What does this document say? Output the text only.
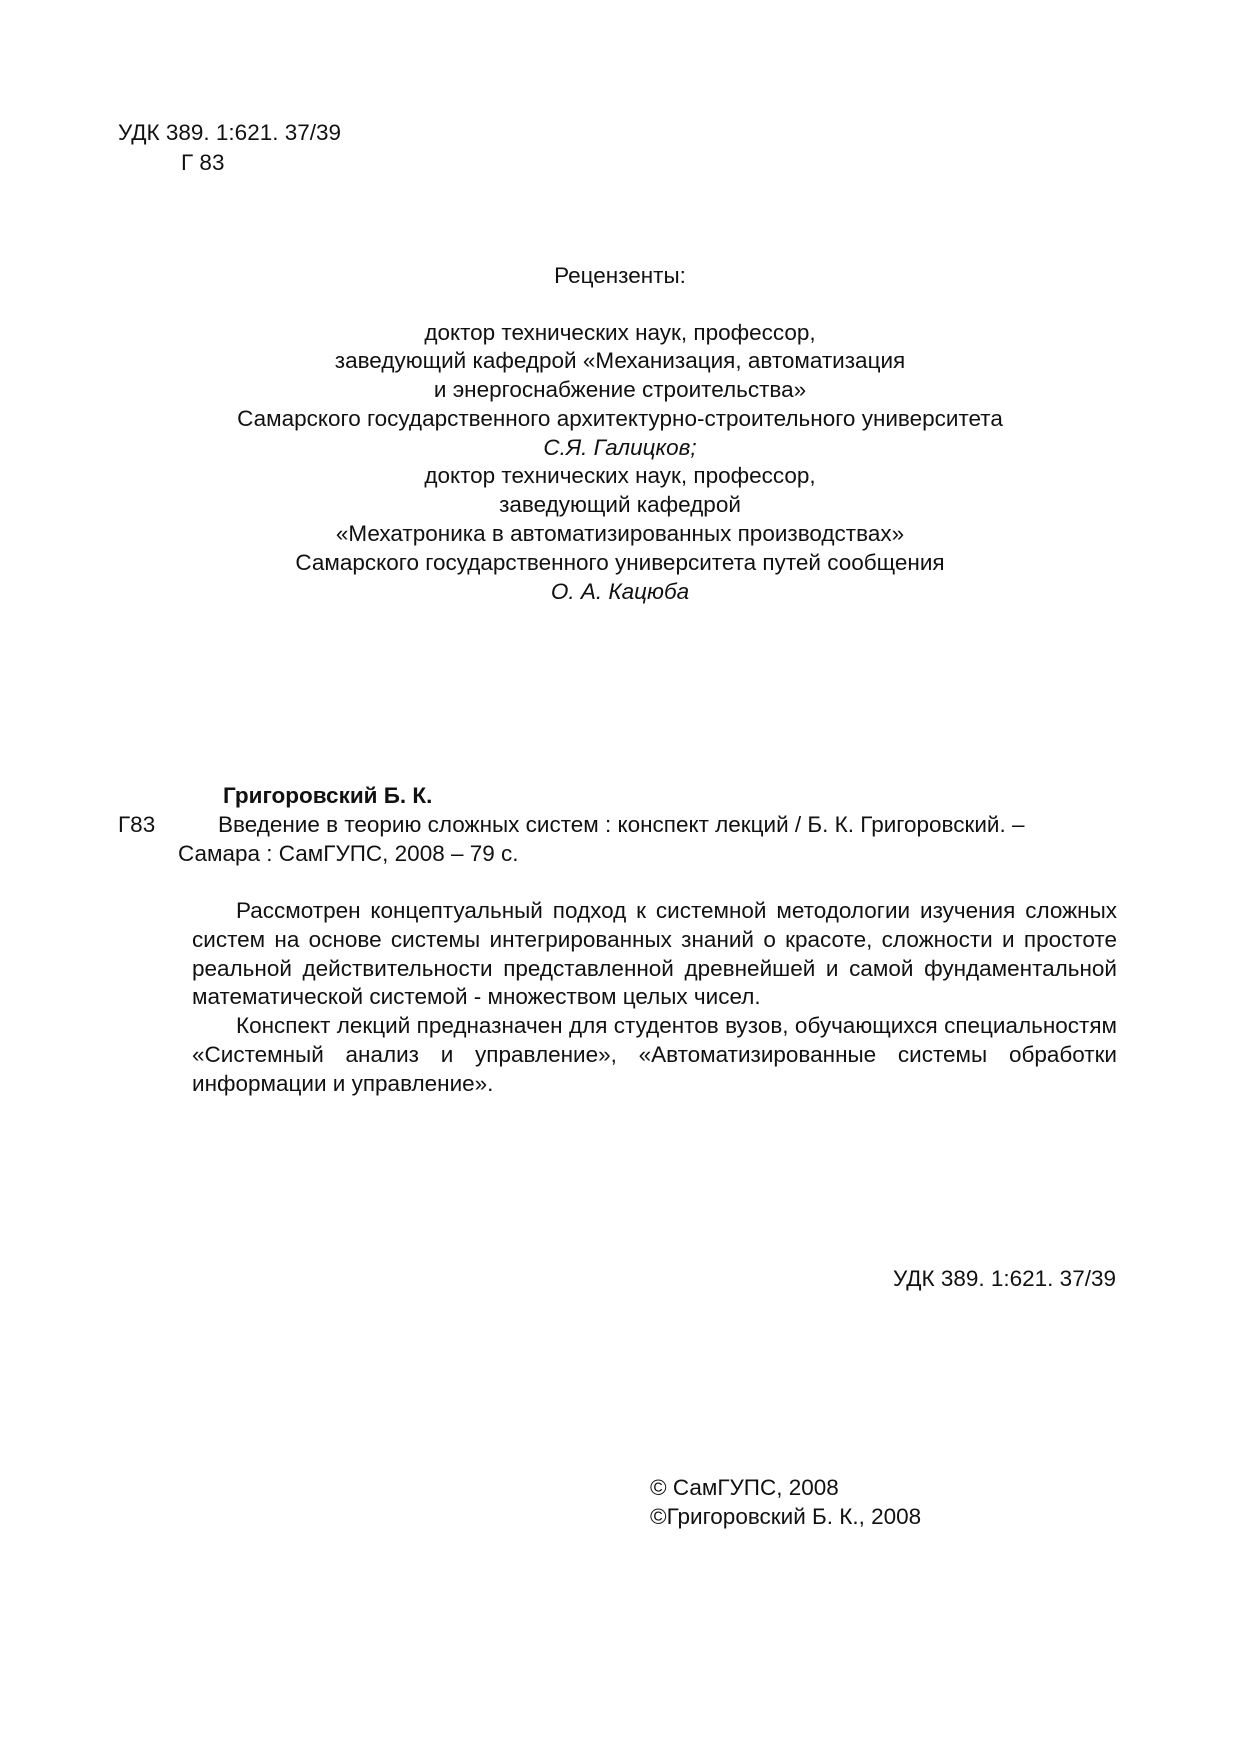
УДК 389. 1:621. 37/39
Г 83
Рецензенты:
доктор технических наук, профессор,
заведующий кафедрой «Механизация, автоматизация
и энергоснабжение строительства»
Самарского государственного архитектурно-строительного университета
С.Я. Галицков;
доктор технических наук, профессор,
заведующий кафедрой
«Мехатроника в автоматизированных производствах»
Самарского государственного университета путей сообщения
О. А. Кацюба
Григоровский Б. К.
Г83	Введение в теорию сложных систем : конспект лекций / Б. К. Григоровский. –
Самара : СамГУПС, 2008 – 79 с.

Рассмотрен концептуальный подход к системной методологии изучения сложных систем на основе системы интегрированных знаний о красоте, сложности и простоте реальной действительности представленной древнейшей и самой фундаментальной математической системой - множеством целых чисел.

Конспект лекций предназначен для студентов вузов, обучающихся специальностям «Системный анализ и управление», «Автоматизированные системы обработки информации и управление».

УДК 389. 1:621. 37/39
© СамГУПС, 2008
©Григоровский Б. К., 2008
